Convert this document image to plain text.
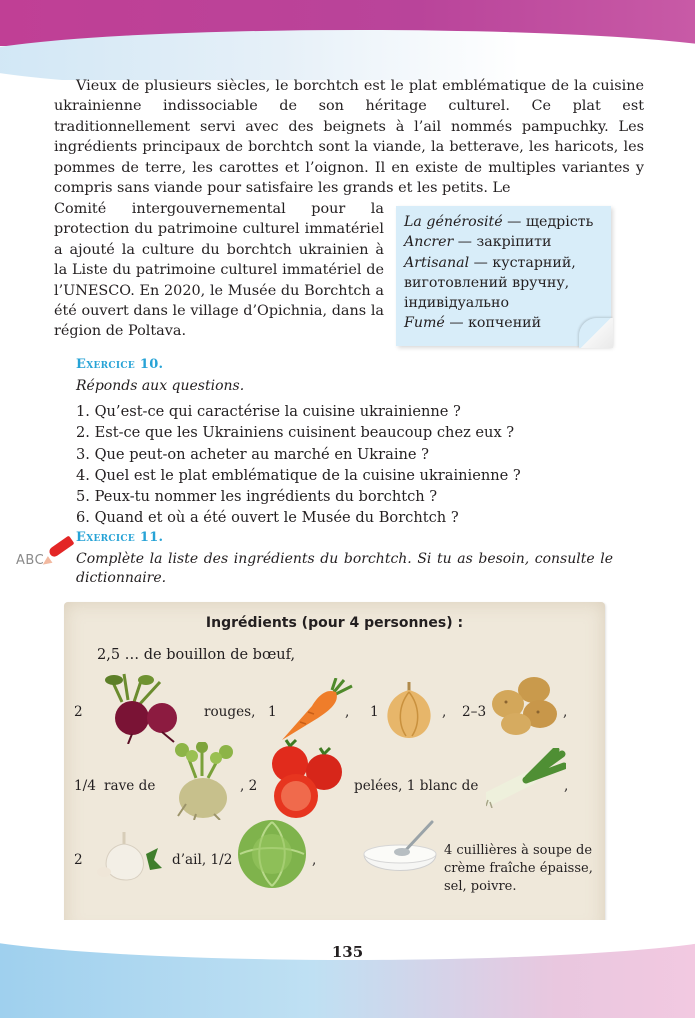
Vieux de plusieurs siècles, le borchtch est le plat emblématique de la cuisine ukrainienne indissociable de son héritage culturel. Ce plat est traditionnellement servi avec des beignets à l’ail nommés pampuchky. Les ingrédients principaux de borchtch sont la viande, la betterave, les haricots, les pommes de terre, les carottes et l’oignon. Il en existe de multiples variantes y compris sans viande pour satisfaire les grands et les petits. Le

Comité intergouvernemental pour la protection du patrimoine culturel immatériel a ajouté la culture du borchtch ukrainien à la Liste du patrimoine culturel immatériel de l’UNESCO. En 2020, le Musée du Borchtch a été ouvert dans le village d’Opichnia, dans la région de Poltava.

La générosité — щедрість
Ancrer — закріпити
Artisanal — кустарний, виготовлений вручну, індивідуально
Fumé — копчений
Exercice 10.
Réponds aux questions.
1. Qu’est-ce qui caractérise la cuisine ukrainienne ?
2. Est-ce que les Ukrainiens cuisinent beaucoup chez eux ?
3. Que peut-on acheter au marché en Ukraine ?
4. Quel est le plat emblématique de la cuisine ukrainienne ?
5. Peux-tu nommer les ingrédients du borchtch ?
6. Quand et où a été ouvert le Musée du Borchtch ?
ABC
Exercice 11.
Complète la liste des ingrédients du borchtch. Si tu as besoin, consulte le dictionnaire.
Ingrédients (pour 4 personnes) :
2,5 … de bouillon de bœuf,
2	rouges, 1	, 1	, 2–3	,
1/4 rave de	, 2	pelées, 1 blanc de	,
2	d’ail, 1/2	,
4 cuillières à soupe de
crème fraîche épaisse,
sel, poivre.
135
